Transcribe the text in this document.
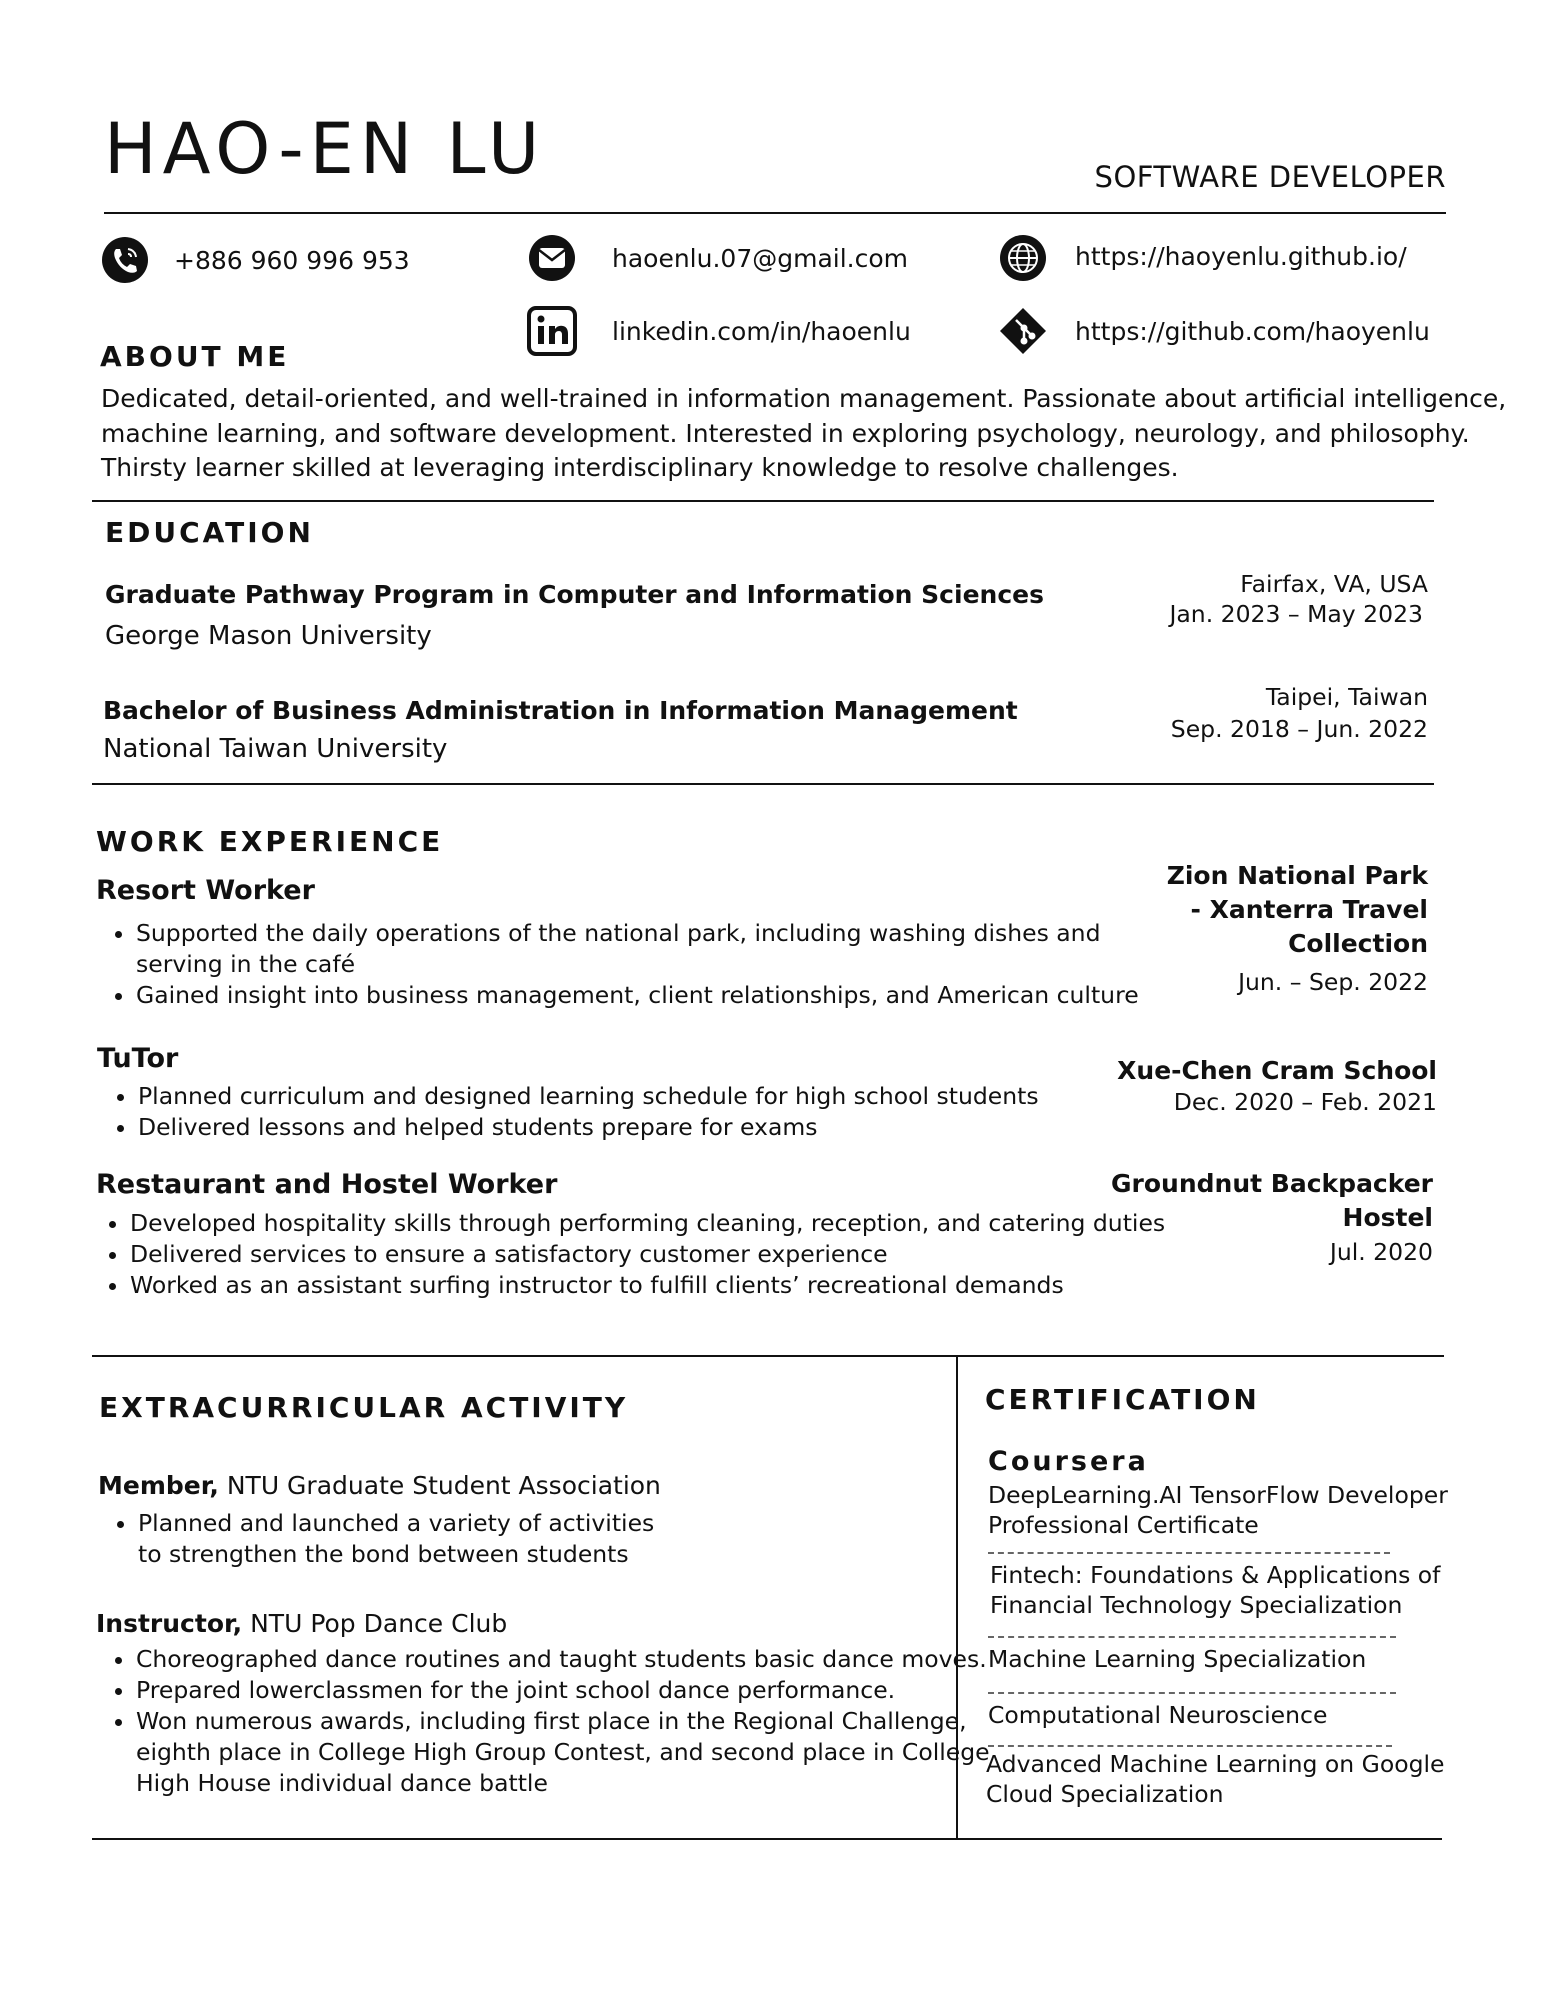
HAO-EN LU	SOFTWARE DEVELOPER
+886 960 996 953	haoenlu.07@gmail.com	https://haoyenlu.github.io/
linkedin.com/in/haoenlu	https://github.com/haoyenlu
ABOUT ME
Dedicated, detail-oriented, and well-trained in information management. Passionate about artificial intelligence,
machine learning, and software development. Interested in exploring psychology, neurology, and philosophy.
Thirsty learner skilled at leveraging interdisciplinary knowledge to resolve challenges.
EDUCATION
Graduate Pathway Program in Computer and Information Sciences
George Mason University
Fairfax, VA, USA
Jan. 2023 – May 2023
Bachelor of Business Administration in Information Management
National Taiwan University
Taipei, Taiwan
Sep. 2018 – Jun. 2022
WORK EXPERIENCE
Resort Worker
• Supported the daily operations of the national park, including washing dishes and
serving in the café
• Gained insight into business management, client relationships, and American culture
Zion National Park
- Xanterra Travel
Collection
Jun. – Sep. 2022
TuTor
• Planned curriculum and designed learning schedule for high school students
• Delivered lessons and helped students prepare for exams
Xue-Chen Cram School
Dec. 2020 – Feb. 2021
Restaurant and Hostel Worker
• Developed hospitality skills through performing cleaning, reception, and catering duties
• Delivered services to ensure a satisfactory customer experience
• Worked as an assistant surfing instructor to fulfill clients’ recreational demands
Groundnut Backpacker
Hostel
Jul. 2020
EXTRACURRICULAR ACTIVITY
Member, NTU Graduate Student Association
• Planned and launched a variety of activities
to strengthen the bond between students
Instructor, NTU Pop Dance Club
• Choreographed dance routines and taught students basic dance moves.
• Prepared lowerclassmen for the joint school dance performance.
• Won numerous awards, including first place in the Regional Challenge,
eighth place in College High Group Contest, and second place in College
High House individual dance battle
CERTIFICATION
Coursera
DeepLearning.AI TensorFlow Developer
Professional Certificate
Fintech: Foundations & Applications of
Financial Technology Specialization
Machine Learning Specialization
Computational Neuroscience
Advanced Machine Learning on Google
Cloud Specialization
